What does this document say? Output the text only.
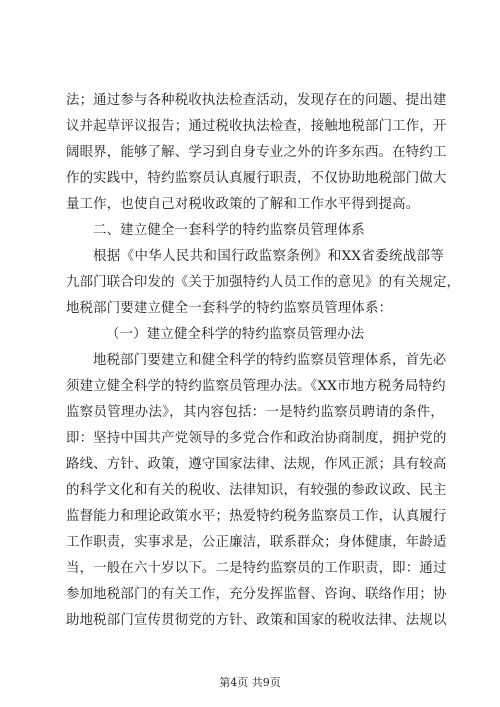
法；通过参与各种税收执法检查活动，发现存在的问题、提出建
议并起草评议报告；通过税收执法检查，接触地税部门工作，开
阔眼界，能够了解、学习到自身专业之外的许多东西。在特约工
作的实践中，特约监察员认真履行职责，不仅协助地税部门做大
量工作，也使自己对税收政策的了解和工作水平得到提高。
二、建立健全一套科学的特约监察员管理体系
根据《中华人民共和国行政监察条例》和XX省委统战部等
九部门联合印发的《关于加强特约人员工作的意见》的有关规定，
地税部门要建立健全一套科学的特约监察员管理体系：
（一）建立健全科学的特约监察员管理办法
地税部门要建立和健全科学的特约监察员管理体系，首先必
须建立健全科学的特约监察员管理办法。《XX市地方税务局特约
监察员管理办法》，其内容包括：一是特约监察员聘请的条件，
即：坚持中国共产党领导的多党合作和政治协商制度，拥护党的
路线、方针、政策，遵守国家法律、法规，作风正派；具有较高
的科学文化和有关的税收、法律知识，有较强的参政议政、民主
监督能力和理论政策水平；热爱特约税务监察员工作，认真履行
工作职责，实事求是，公正廉洁，联系群众；身体健康，年龄适
当，一般在六十岁以下。二是特约监察员的工作职责，即：通过
参加地税部门的有关工作，充分发挥监督、咨询、联络作用；协
助地税部门宣传贯彻党的方针、政策和国家的税收法律、法规以
第4页 共9页
